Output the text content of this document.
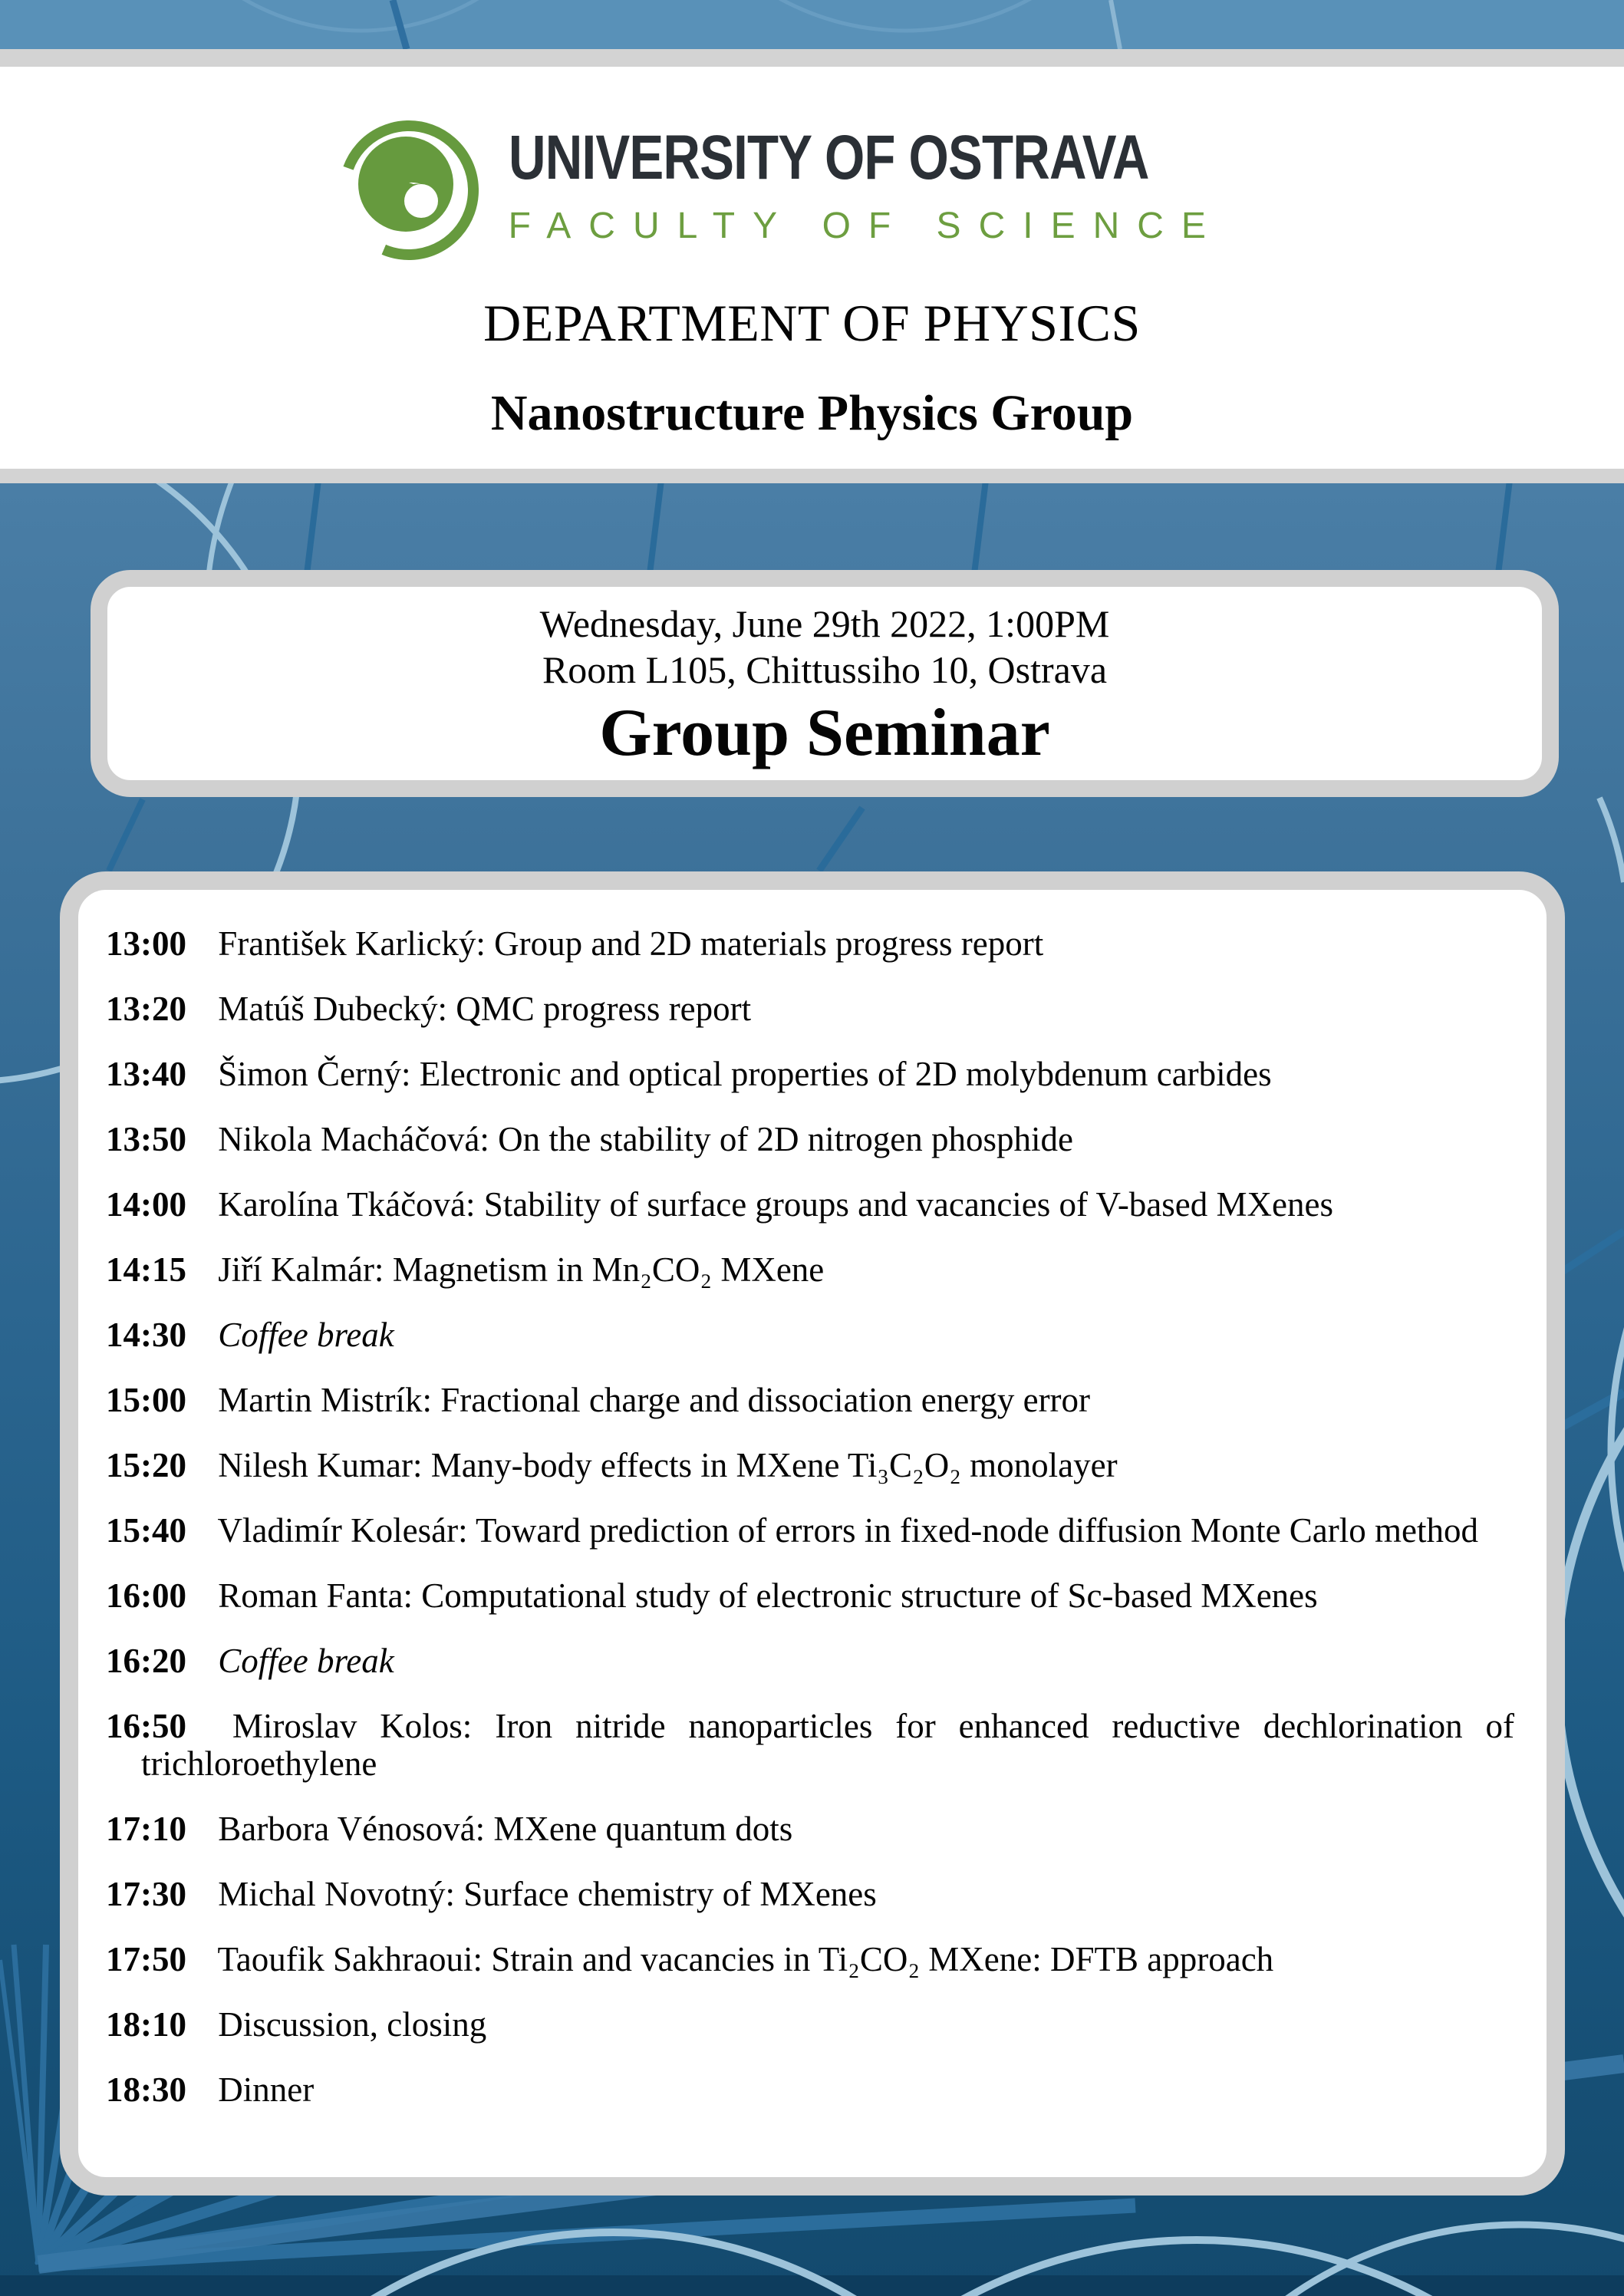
UNIVERSITY OF OSTRAVA
FACULTY OF SCIENCE
DEPARTMENT OF PHYSICS
Nanostructure Physics Group
Wednesday, June 29th 2022, 1:00PM
Room L105, Chittussiho 10, Ostrava
Group Seminar

13:00 František Karlický: Group and 2D materials progress report

13:20 Matúš Dubecký: QMC progress report

13:40 Šimon Černý: Electronic and optical properties of 2D molybdenum carbides

13:50 Nikola Macháčová: On the stability of 2D nitrogen phosphide

14:00 Karolína Tkáčová: Stability of surface groups and vacancies of V-based MXenes

14:15 Jiří Kalmár: Magnetism in Mn₂CO₂ MXene

14:30 Coffee break

15:00 Martin Mistrík: Fractional charge and dissociation energy error

15:20 Nilesh Kumar: Many-body effects in MXene Ti₃C₂O₂ monolayer

15:40 Vladimír Kolesár: Toward prediction of errors in fixed-node diffusion Monte Carlo method

16:00 Roman Fanta: Computational study of electronic structure of Sc-based MXenes

16:20 Coffee break

16:50 Miroslav Kolos: Iron nitride nanoparticles for enhanced reductive dechlorination of trichloroethylene

17:10 Barbora Vénosová: MXene quantum dots

17:30 Michal Novotný: Surface chemistry of MXenes

17:50 Taoufik Sakhraoui: Strain and vacancies in Ti₂CO₂ MXene: DFTB approach

18:10 Discussion, closing

18:30 Dinner
